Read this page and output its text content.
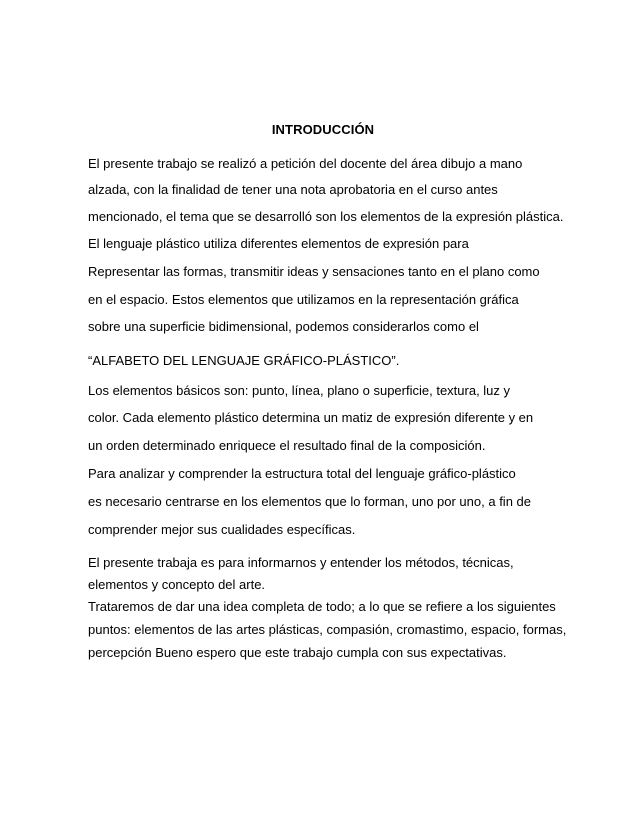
INTRODUCCIÓN
El presente trabajo se realizó a petición del docente del área dibujo a mano
alzada, con la finalidad de tener una nota aprobatoria en el curso antes
mencionado, el tema que se desarrolló son los elementos de la expresión plástica.
El lenguaje plástico utiliza diferentes elementos de expresión para
Representar las formas, transmitir ideas y sensaciones tanto en el plano como
en el espacio. Estos elementos que utilizamos en la representación gráfica
sobre una superficie bidimensional, podemos considerarlos como el
“ALFABETO DEL LENGUAJE GRÁFICO-PLÁSTICO”.
Los elementos básicos son: punto, línea, plano o superficie, textura, luz y
color. Cada elemento plástico determina un matiz de expresión diferente y en
un orden determinado enriquece el resultado final de la composición.
Para analizar y comprender la estructura total del lenguaje gráfico-plástico
es necesario centrarse en los elementos que lo forman, uno por uno, a fin de
comprender mejor sus cualidades específicas.
El presente trabaja es para informarnos y entender los métodos, técnicas,
elementos y concepto del arte.
Trataremos de dar una idea completa de todo; a lo que se refiere a los siguientes
puntos: elementos de las artes plásticas, compasión, cromastimo, espacio, formas,
percepción Bueno espero que este trabajo cumpla con sus expectativas.
